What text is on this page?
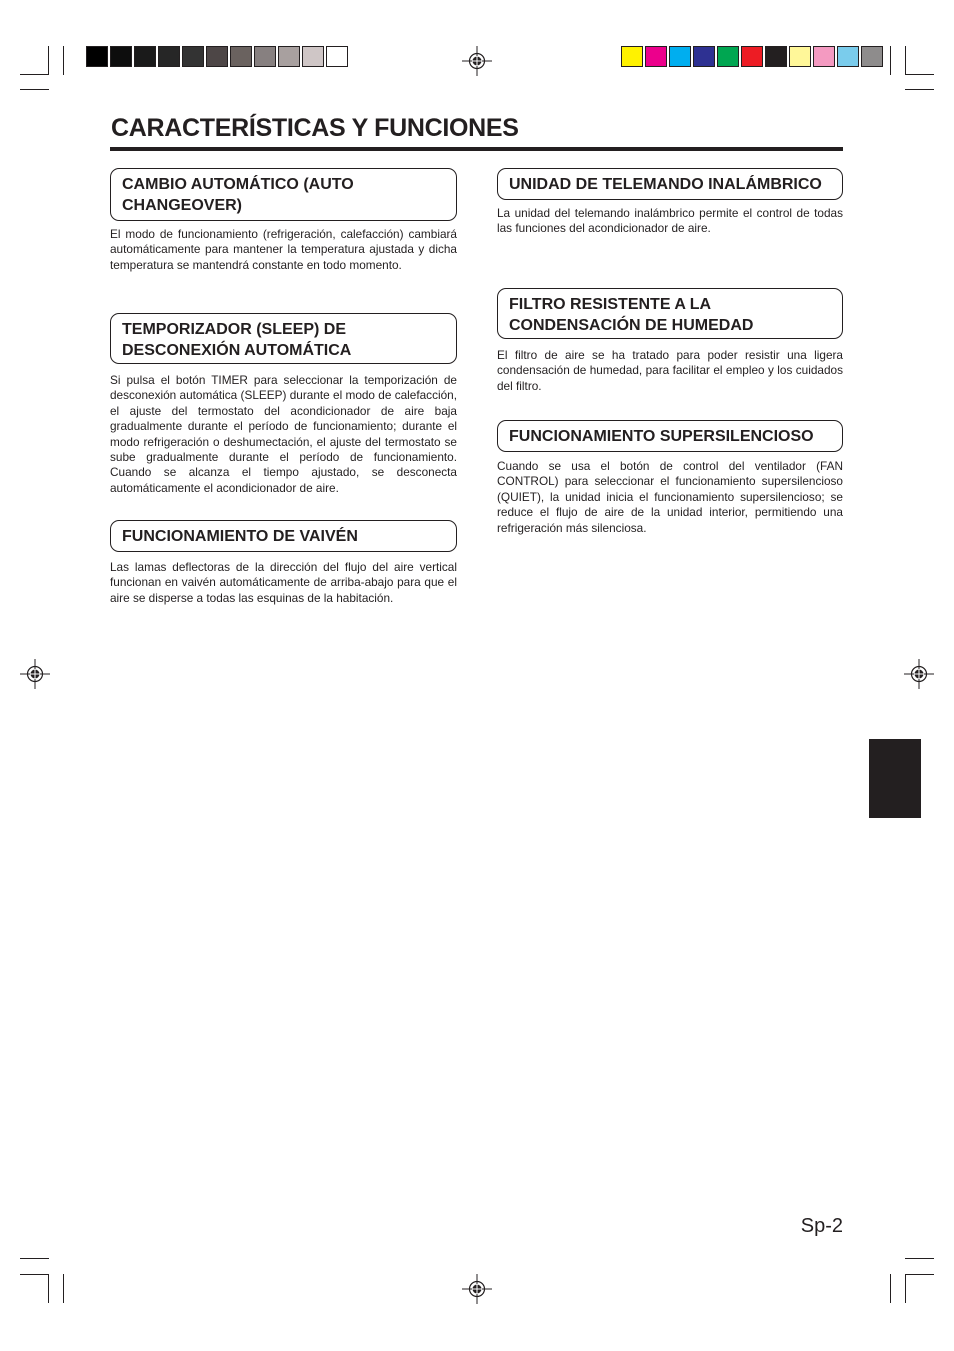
CARACTERÍSTICAS Y FUNCIONES
CAMBIO AUTOMÁTICO (AUTO CHANGEOVER)

El modo de funcionamiento (refrigeración, calefacción) cambiará automáticamente para mantener la temperatura ajustada y dicha temperatura se mantendrá constante en todo momento.

TEMPORIZADOR (SLEEP) DE DESCONEXIÓN AUTOMÁTICA

Si pulsa el botón TIMER para seleccionar la temporización de desconexión automática (SLEEP) durante el modo de calefacción, el ajuste del termostato del acondicionador de aire baja gradualmente durante el período de funcionamiento; durante el modo refrigeración o deshumectación, el ajuste del termostato se sube gradualmente durante el período de funcionamiento. Cuando se alcanza el tiempo ajustado, se desconecta automáticamente el acondicionador de aire.

FUNCIONAMIENTO DE VAIVÉN

Las lamas deflectoras de la dirección del flujo del aire vertical funcionan en vaivén automáticamente de arriba-abajo para que el aire se disperse a todas las esquinas de la habitación.

UNIDAD DE TELEMANDO INALÁMBRICO

La unidad del telemando inalámbrico permite el control de todas las funciones del acondicionador de aire.

FILTRO RESISTENTE A LA CONDENSACIÓN DE HUMEDAD

El filtro de aire se ha tratado para poder resistir una ligera condensación de humedad, para facilitar el empleo y los cuidados del filtro.

FUNCIONAMIENTO SUPERSILENCIOSO

Cuando se usa el botón de control del ventilador (FAN CONTROL) para seleccionar el funcionamiento supersilencioso (QUIET), la unidad inicia el funcionamiento supersilencioso; se reduce el flujo de aire de la unidad interior, permitiendo una refrigeración más silenciosa.

Sp-2
